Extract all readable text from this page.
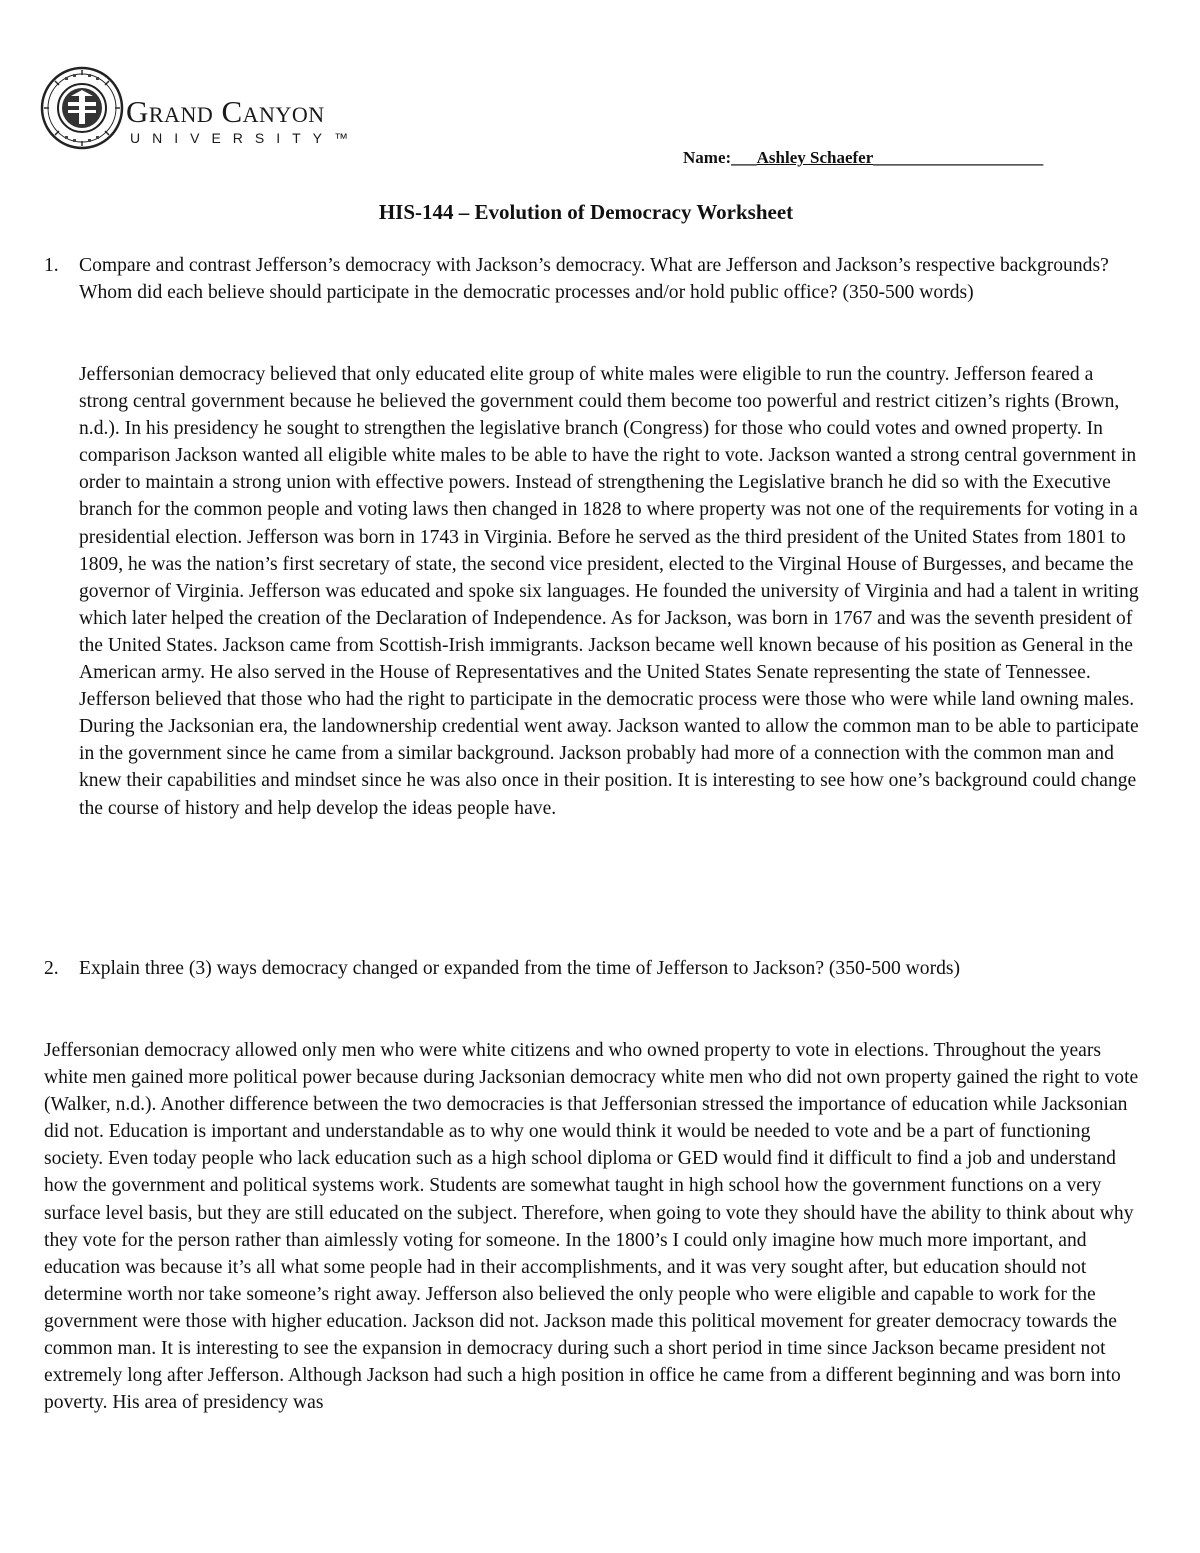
Grand Canyon
UNIVERSITY™
Name:___Ashley Schaefer____________________
HIS-144 – Evolution of Democracy Worksheet
1.	Compare and contrast Jefferson’s democracy with Jackson’s democracy. What are Jefferson and Jackson’s respective backgrounds? Whom did each believe should participate in the democratic processes and/or hold public office? (350-500 words)

Jeffersonian democracy believed that only educated elite group of white males were eligible to run the country. Jefferson feared a strong central government because he believed the government could them become too powerful and restrict citizen’s rights (Brown, n.d.). In his presidency he sought to strengthen the legislative branch (Congress) for those who could votes and owned property. In comparison Jackson wanted all eligible white males to be able to have the right to vote. Jackson wanted a strong central government in order to maintain a strong union with effective powers. Instead of strengthening the Legislative branch he did so with the Executive branch for the common people and voting laws then changed in 1828 to where property was not one of the requirements for voting in a presidential election. Jefferson was born in 1743 in Virginia. Before he served as the third president of the United States from 1801 to 1809, he was the nation’s first secretary of state, the second vice president, elected to the Virginal House of Burgesses, and became the governor of Virginia. Jefferson was educated and spoke six languages. He founded the university of Virginia and had a talent in writing which later helped the creation of the Declaration of Independence. As for Jackson, was born in 1767 and was the seventh president of the United States. Jackson came from Scottish-Irish immigrants. Jackson became well known because of his position as General in the American army. He also served in the House of Representatives and the United States Senate representing the state of Tennessee. Jefferson believed that those who had the right to participate in the democratic process were those who were while land owning males. During the Jacksonian era, the landownership credential went away. Jackson wanted to allow the common man to be able to participate in the government since he came from a similar background. Jackson probably had more of a connection with the common man and knew their capabilities and mindset since he was also once in their position. It is interesting to see how one’s background could change the course of history and help develop the ideas people have.

2.	Explain three (3) ways democracy changed or expanded from the time of Jefferson to Jackson? (350-500 words)

Jeffersonian democracy allowed only men who were white citizens and who owned property to vote in elections. Throughout the years white men gained more political power because during Jacksonian democracy white men who did not own property gained the right to vote (Walker, n.d.). Another difference between the two democracies is that Jeffersonian stressed the importance of education while Jacksonian did not. Education is important and understandable as to why one would think it would be needed to vote and be a part of functioning society. Even today people who lack education such as a high school diploma or GED would find it difficult to find a job and understand how the government and political systems work. Students are somewhat taught in high school how the government functions on a very surface level basis, but they are still educated on the subject. Therefore, when going to vote they should have the ability to think about why they vote for the person rather than aimlessly voting for someone. In the 1800’s I could only imagine how much more important, and education was because it’s all what some people had in their accomplishments, and it was very sought after, but education should not determine worth nor take someone’s right away. Jefferson also believed the only people who were eligible and capable to work for the government were those with higher education. Jackson did not. Jackson made this political movement for greater democracy towards the common man. It is interesting to see the expansion in democracy during such a short period in time since Jackson became president not extremely long after Jefferson. Although Jackson had such a high position in office he came from a different beginning and was born into poverty. His area of presidency was
